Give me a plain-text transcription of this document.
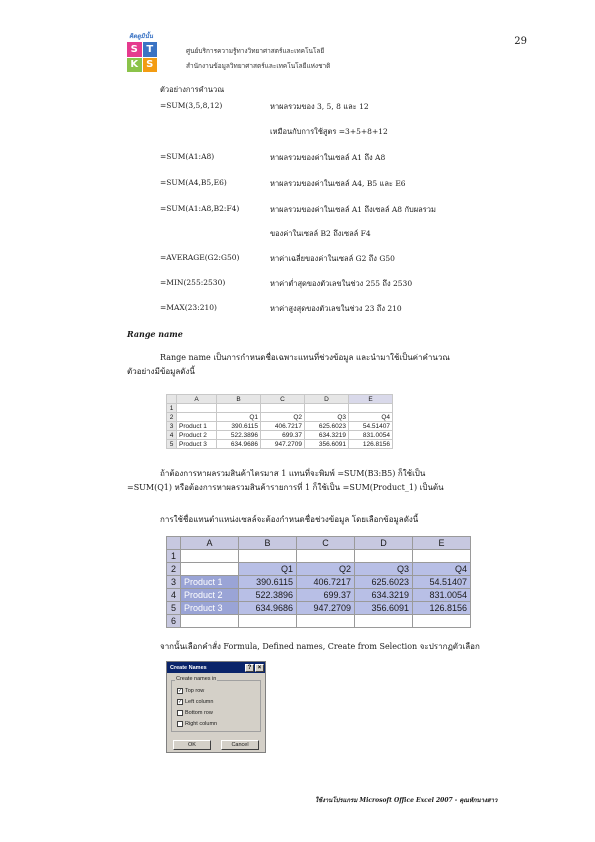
29
คิดดูมินั้น
S T
K S
ศูนย์บริการความรู้ทางวิทยาศาสตร์และเทคโนโลยี
สำนักงานข้อมูลวิทยาศาสตร์และเทคโนโลยีแห่งชาติ
ตัวอย่างการคำนวณ
=SUM(3,5,8,12)	หาผลรวมของ 3, 5, 8 และ 12
เหมือนกับการใช้สูตร =3+5+8+12
=SUM(A1:A8)	หาผลรวมของค่าในเซลล์ A1 ถึง A8
=SUM(A4,B5,E6)	หาผลรวมของค่าในเซลล์ A4, B5 และ E6
=SUM(A1:A8,B2:F4)	หาผลรวมของค่าในเซลล์ A1 ถึงเซลล์ A8 กับผลรวม
ของค่าในเซลล์ B2 ถึงเซลล์ F4
=AVERAGE(G2:G50)	หาค่าเฉลี่ยของค่าในเซลล์ G2 ถึง G50
=MIN(255:2530)	หาค่าต่ำสุดของตัวเลขในช่วง 255 ถึง 2530
=MAX(23:210)	หาค่าสูงสุดของตัวเลขในช่วง 23 ถึง 210
Range name
Range name เป็นการกำหนดชื่อเฉพาะแทนที่ช่วงข้อมูล และนำมาใช้เป็นค่าคำนวณ ตัวอย่างมีข้อมูลดังนี้
	A	B	C	D	E
1					
2		Q1	Q2	Q3	Q4
3	Product 1	390.6115	406.7217	625.6023	54.51407
4	Product 2	522.3896	699.37	634.3219	831.0054
5	Product 3	634.9686	947.2709	356.6091	126.8156
ถ้าต้องการหาผลรวมสินค้าไตรมาส 1 แทนที่จะพิมพ์ =SUM(B3:B5) ก็ใช้เป็น =SUM(Q1) หรือต้องการหาผลรวมสินค้ารายการที่ 1 ก็ใช้เป็น =SUM(Product_1) เป็นต้น
การใช้ชื่อแทนตำแหน่งเซลล์จะต้องกำหนดชื่อช่วงข้อมูล โดยเลือกข้อมูลดังนี้
	A	B	C	D	E
1					
2		Q1	Q2	Q3	Q4
3	Product 1	390.6115	406.7217	625.6023	54.51407
4	Product 2	522.3896	699.37	634.3219	831.0054
5	Product 3	634.9686	947.2709	356.6091	126.8156
6					
จากนั้นเลือกคำสั่ง Formula, Defined names, Create from Selection จะปรากฏตัวเลือก
Create Names	?	×
Create names in
✓ Top row
✓ Left column
Bottom row
Right column
OK	Cancel
ใช้งานโปรแกรม Microsoft Office Excel 2007 - คุณหักนางสาว
